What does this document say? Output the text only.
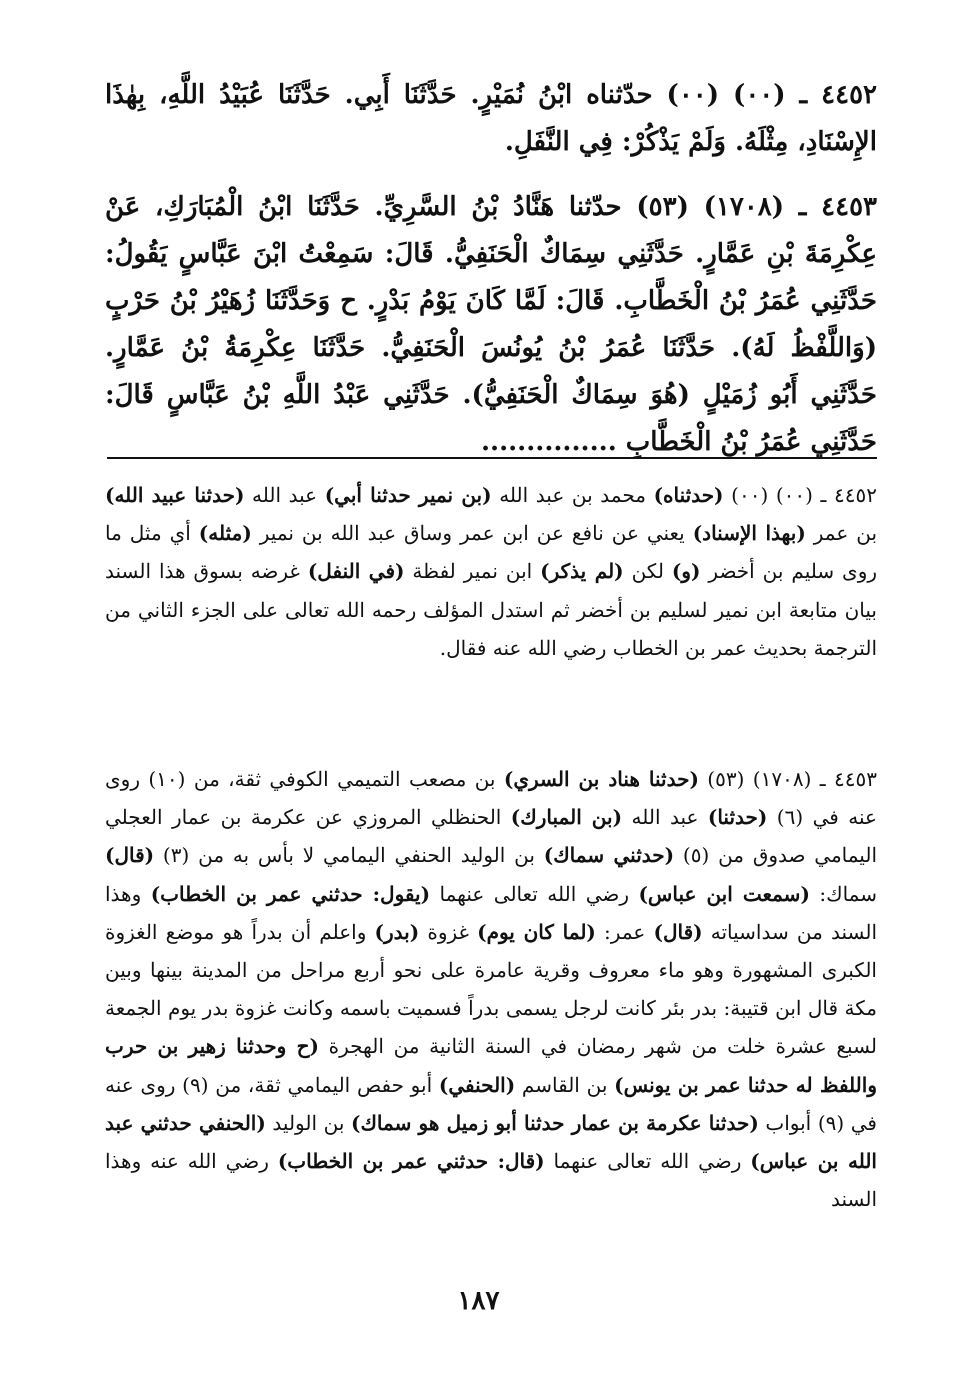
٤٤٥٢ ـ (٠٠) (٠٠) حدّثناه ابْنُ نُمَيْرٍ. حَدَّثَنَا أَبِي. حَدَّثَنَا عُبَيْدُ اللَّهِ، بِهٰذَا الإِسْنَادِ، مِثْلَهُ. وَلَمْ يَذْكُرْ: فِي النَّفَلِ.
٤٤٥٣ ـ (١٧٠٨) (٥٣) حدّثنا هَنَّادُ بْنُ السَّرِيِّ. حَدَّثَنَا ابْنُ الْمُبَارَكِ، عَنْ عِكْرِمَةَ بْنِ عَمَّارٍ. حَدَّثَنِي سِمَاكٌ الْحَنَفِيُّ. قَالَ: سَمِعْتُ ابْنَ عَبَّاسٍ يَقُولُ: حَدَّثَنِي عُمَرُ بْنُ الْخَطَّابِ. قَالَ: لَمَّا كَانَ يَوْمُ بَدْرٍ. ح وَحَدَّثَنَا زُهَيْرُ بْنُ حَرْبٍ (وَاللَّفْظُ لَهُ). حَدَّثَنَا عُمَرُ بْنُ يُونُسَ الْحَنَفِيُّ. حَدَّثَنَا عِكْرِمَةُ بْنُ عَمَّارٍ. حَدَّثَنِي أَبُو زُمَيْلٍ (هُوَ سِمَاكٌ الْحَنَفِيُّ). حَدَّثَنِي عَبْدُ اللَّهِ بْنُ عَبَّاسٍ قَالَ: حَدَّثَنِي عُمَرُ بْنُ الْخَطَّابِ ...............
٤٤٥٢ ـ (٠٠) (٠٠) (حدثناه) محمد بن عبد الله (بن نمير حدثنا أبي) عبد الله (حدثنا عبيد الله) بن عمر (بهذا الإسناد) يعني عن نافع عن ابن عمر وساق عبد الله بن نمير (مثله) أي مثل ما روى سليم بن أخضر (و) لكن (لم يذكر) ابن نمير لفظة (في النفل) غرضه بسوق هذا السند بيان متابعة ابن نمير لسليم بن أخضر ثم استدل المؤلف رحمه الله تعالى على الجزء الثاني من الترجمة بحديث عمر بن الخطاب رضي الله عنه فقال.
٤٤٥٣ ـ (١٧٠٨) (٥٣) (حدثنا هناد بن السري) بن مصعب التميمي الكوفي ثقة، من (١٠) روى عنه في (٦) (حدثنا) عبد الله (بن المبارك) الحنظلي المروزي عن عكرمة بن عمار العجلي اليمامي صدوق من (٥) (حدثني سماك) بن الوليد الحنفي اليمامي لا بأس به من (٣) (قال) سماك: (سمعت ابن عباس) رضي الله تعالى عنهما (يقول: حدثني عمر بن الخطاب) وهذا السند من سداسياته (قال) عمر: (لما كان يوم) غزوة (بدر) واعلم أن بدراً هو موضع الغزوة الكبرى المشهورة وهو ماء معروف وقرية عامرة على نحو أربع مراحل من المدينة بينها وبين مكة قال ابن قتيبة: بدر بئر كانت لرجل يسمى بدراً فسميت باسمه وكانت غزوة بدر يوم الجمعة لسبع عشرة خلت من شهر رمضان في السنة الثانية من الهجرة (ح وحدثنا زهير بن حرب واللفظ له حدثنا عمر بن يونس) بن القاسم (الحنفي) أبو حفص اليمامي ثقة، من (٩) روى عنه في (٩) أبواب (حدثنا عكرمة بن عمار حدثنا أبو زميل هو سماك) بن الوليد (الحنفي حدثني عبد الله بن عباس) رضي الله تعالى عنهما (قال: حدثني عمر بن الخطاب) رضي الله عنه وهذا السند
١٨٧
